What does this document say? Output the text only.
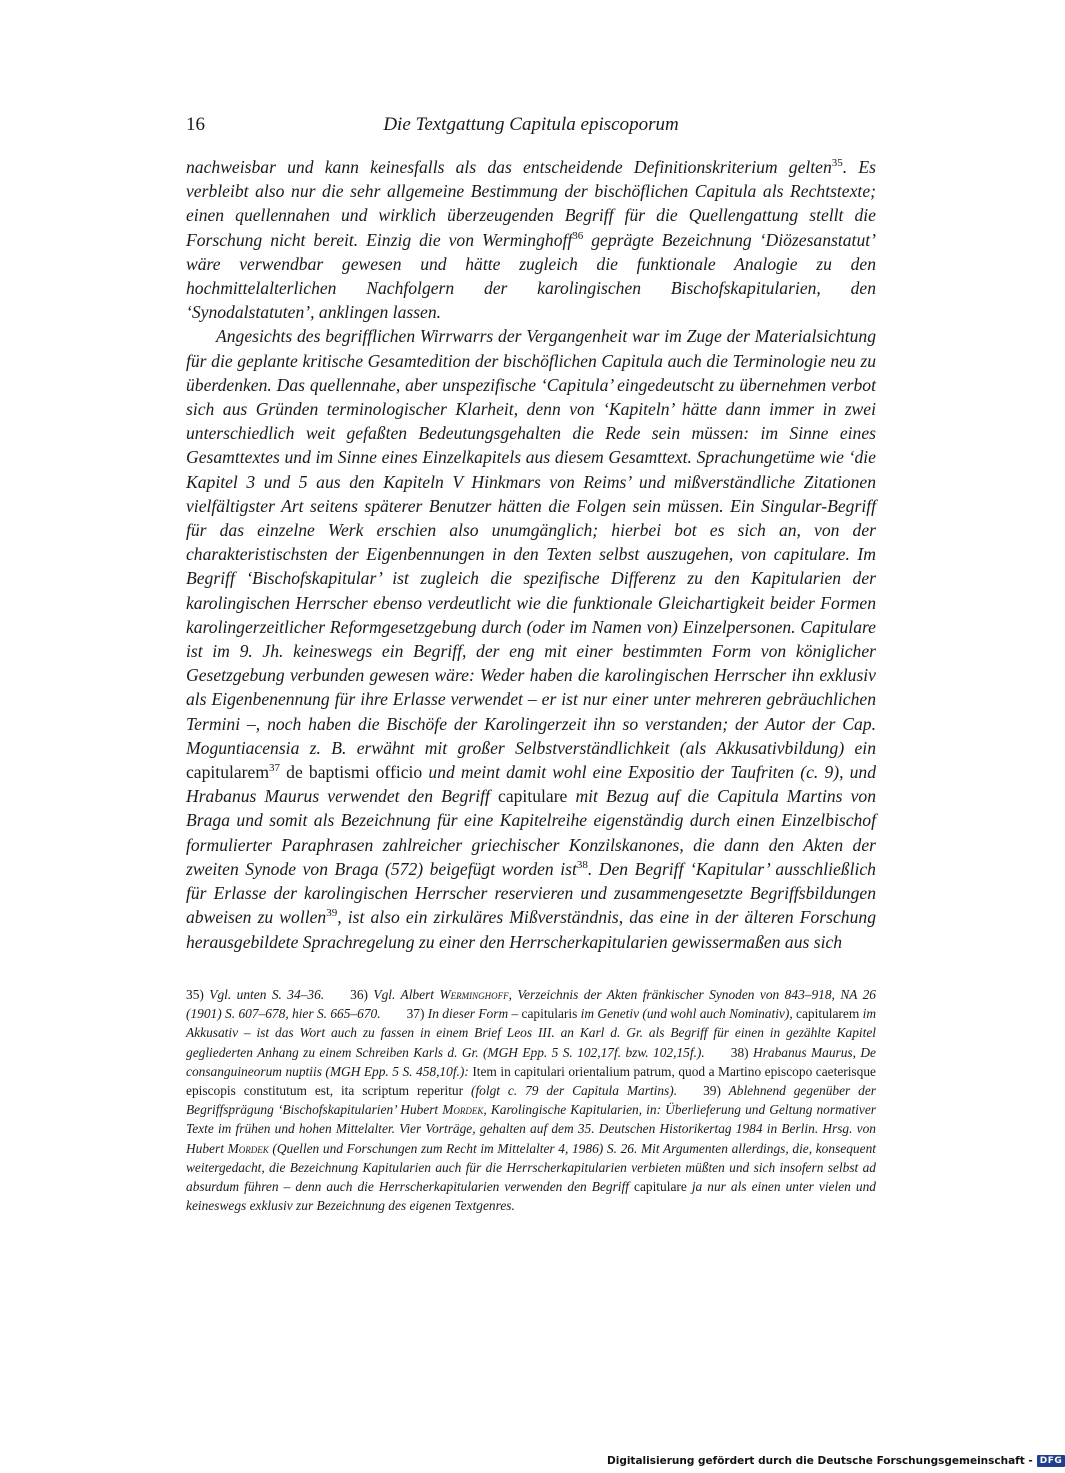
16	Die Textgattung Capitula episcoporum

nachweisbar und kann keinesfalls als das entscheidende Definitionskriterium gelten$^{35}$. Es verbleibt also nur die sehr allgemeine Bestimmung der bischöflichen Capitula als Rechtstexte; einen quellennahen und wirklich überzeugenden Begriff für die Quellengattung stellt die Forschung nicht bereit. Einzig die von Werminghoff$^{36}$ geprägte Bezeichnung ‘Diözesanstatut’ wäre verwendbar gewesen und hätte zugleich die funktionale Analogie zu den hochmittelalterlichen Nachfolgern der karolingischen Bischofskapitularien, den ‘Synodalstatuten’, anklingen lassen.

Angesichts des begrifflichen Wirrwarrs der Vergangenheit war im Zuge der Materialsichtung für die geplante kritische Gesamtedition der bischöflichen Capitula auch die Terminologie neu zu überdenken. Das quellennahe, aber unspezifische ‘Capitula’ eingedeutscht zu übernehmen verbot sich aus Gründen terminologischer Klarheit, denn von ‘Kapiteln’ hätte dann immer in zwei unterschiedlich weit gefaßten Bedeutungsgehalten die Rede sein müssen: im Sinne eines Gesamttextes und im Sinne eines Einzelkapitels aus diesem Gesamttext. Sprachungetüme wie ‘die Kapitel 3 und 5 aus den Kapiteln V Hinkmars von Reims’ und mißverständliche Zitationen vielfältigster Art seitens späterer Benutzer hätten die Folgen sein müssen. Ein Singular-Begriff für das einzelne Werk erschien also unumgänglich; hierbei bot es sich an, von der charakteristischsten der Eigenbennungen in den Texten selbst auszugehen, von capitulare. Im Begriff ‘Bischofskapitular’ ist zugleich die spezifische Differenz zu den Kapitularien der karolingischen Herrscher ebenso verdeutlicht wie die funktionale Gleichartigkeit beider Formen karolingerzeitlicher Reformgesetzgebung durch (oder im Namen von) Einzelpersonen. Capitulare ist im 9. Jh. keineswegs ein Begriff, der eng mit einer bestimmten Form von königlicher Gesetzgebung verbunden gewesen wäre: Weder haben die karolingischen Herrscher ihn exklusiv als Eigenbenennung für ihre Erlasse verwendet – er ist nur einer unter mehreren gebräuchlichen Termini –, noch haben die Bischöfe der Karolingerzeit ihn so verstanden; der Autor der Cap. Moguntiacensia z. B. erwähnt mit großer Selbstverständlichkeit (als Akkusativbildung) ein capitularem$^{37}$ de baptismi officio und meint damit wohl eine Expositio der Taufriten (c. 9), und Hrabanus Maurus verwendet den Begriff capitulare mit Bezug auf die Capitula Martins von Braga und somit als Bezeichnung für eine Kapitelreihe eigenständig durch einen Einzelbischof formulierter Paraphrasen zahlreicher griechischer Konzilskanones, die dann den Akten der zweiten Synode von Braga (572) beigefügt worden ist$^{38}$. Den Begriff ‘Kapitular’ ausschließlich für Erlasse der karolingischen Herrscher reservieren und zusammengesetzte Begriffsbildungen abweisen zu wollen$^{39}$, ist also ein zirkuläres Mißverständnis, das eine in der älteren Forschung herausgebildete Sprachregelung zu einer den Herrscherkapitularien gewissermaßen aus sich

35) Vgl. unten S. 34–36. 36) Vgl. Albert Werminghoff, Verzeichnis der Akten fränkischer Synoden von 843–918, NA 26 (1901) S. 607–678, hier S. 665–670. 37) In dieser Form – capitularis im Genetiv (und wohl auch Nominativ), capitularem im Akkusativ – ist das Wort auch zu fassen in einem Brief Leos III. an Karl d. Gr. als Begriff für einen in gezählte Kapitel gegliederten Anhang zu einem Schreiben Karls d. Gr. (MGH Epp. 5 S. 102,17f. bzw. 102,15f.). 38) Hrabanus Maurus, De consanguineorum nuptiis (MGH Epp. 5 S. 458,10f.): Item in capitulari orientalium patrum, quod a Martino episcopo caeterisque episcopis constitutum est, ita scriptum reperitur (folgt c. 79 der Capitula Martins). 39) Ablehnend gegenüber der Begriffsprägung ‘Bischofskapitularien’ Hubert Mordek, Karolingische Kapitularien, in: Überlieferung und Geltung normativer Texte im frühen und hohen Mittelalter. Vier Vorträge, gehalten auf dem 35. Deutschen Historikertag 1984 in Berlin. Hrsg. von Hubert Mordek (Quellen und Forschungen zum Recht im Mittelalter 4, 1986) S. 26. Mit Argumenten allerdings, die, konsequent weitergedacht, die Bezeichnung Kapitularien auch für die Herrscherkapitularien verbieten müßten und sich insofern selbst ad absurdum führen – denn auch die Herrscherkapitularien verwenden den Begriff capitulare ja nur als einen unter vielen und keineswegs exklusiv zur Bezeichnung des eigenen Textgenres.

Digitalisierung gefördert durch die Deutsche Forschungsgemeinschaft - DFG
